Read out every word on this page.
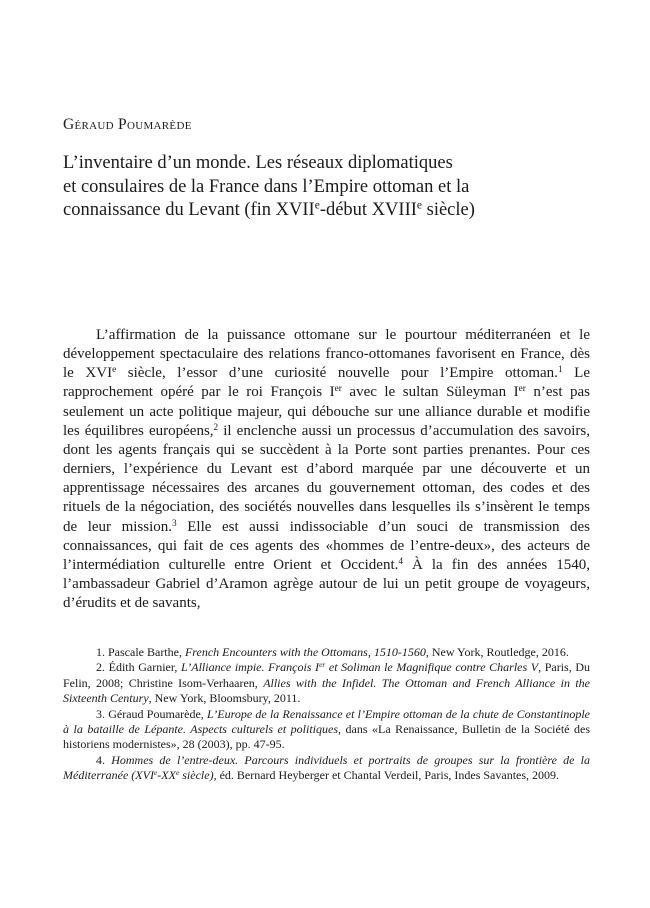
Géraud Poumarède
L’inventaire d’un monde. Les réseaux diplomatiques
et consulaires de la France dans l’Empire ottoman et la
connaissance du Levant (fin XVIIe-début XVIIIe siècle)

L’affirmation de la puissance ottomane sur le pourtour méditerranéen et le développement spectaculaire des relations franco-ottomanes favorisent en France, dès le XVIe siècle, l’essor d’une curiosité nouvelle pour l’Empire ottoman.$^1$ Le rapprochement opéré par le roi François Ier avec le sultan Süleyman Ier n’est pas seulement un acte politique majeur, qui débouche sur une alliance durable et modifie les équilibres européens,$^2$ il enclenche aussi un processus d’accumulation des savoirs, dont les agents français qui se succèdent à la Porte sont parties prenantes. Pour ces derniers, l’expérience du Levant est d’abord marquée par une découverte et un apprentissage nécessaires des arcanes du gouvernement ottoman, des codes et des rituels de la négociation, des sociétés nouvelles dans lesquelles ils s’insèrent le temps de leur mission.$^3$ Elle est aussi indissociable d’un souci de transmission des connaissances, qui fait de ces agents des «hommes de l’entre-deux», des acteurs de l’intermédiation culturelle entre Orient et Occident.$^4$ À la fin des années 1540, l’ambassadeur Gabriel d’Aramon agrège autour de lui un petit groupe de voyageurs, d’érudits et de savants,

1. Pascale Barthe, French Encounters with the Ottomans, 1510-1560, New York, Routledge, 2016.

2. Édith Garnier, L’Alliance impie. François Ier et Soliman le Magnifique contre Charles V, Paris, Du Felin, 2008; Christine Isom-Verhaaren, Allies with the Infidel. The Ottoman and French Alliance in the Sixteenth Century, New York, Bloomsbury, 2011.

3. Géraud Poumarède, L’Europe de la Renaissance et l’Empire ottoman de la chute de Constantinople à la bataille de Lépante. Aspects culturels et politiques, dans «La Renaissance, Bulletin de la Société des historiens modernistes», 28 (2003), pp. 47-95.

4. Hommes de l’entre-deux. Parcours individuels et portraits de groupes sur la frontière de la Méditerranée (XVIe-XXe siècle), éd. Bernard Heyberger et Chantal Verdeil, Paris, Indes Savantes, 2009.
